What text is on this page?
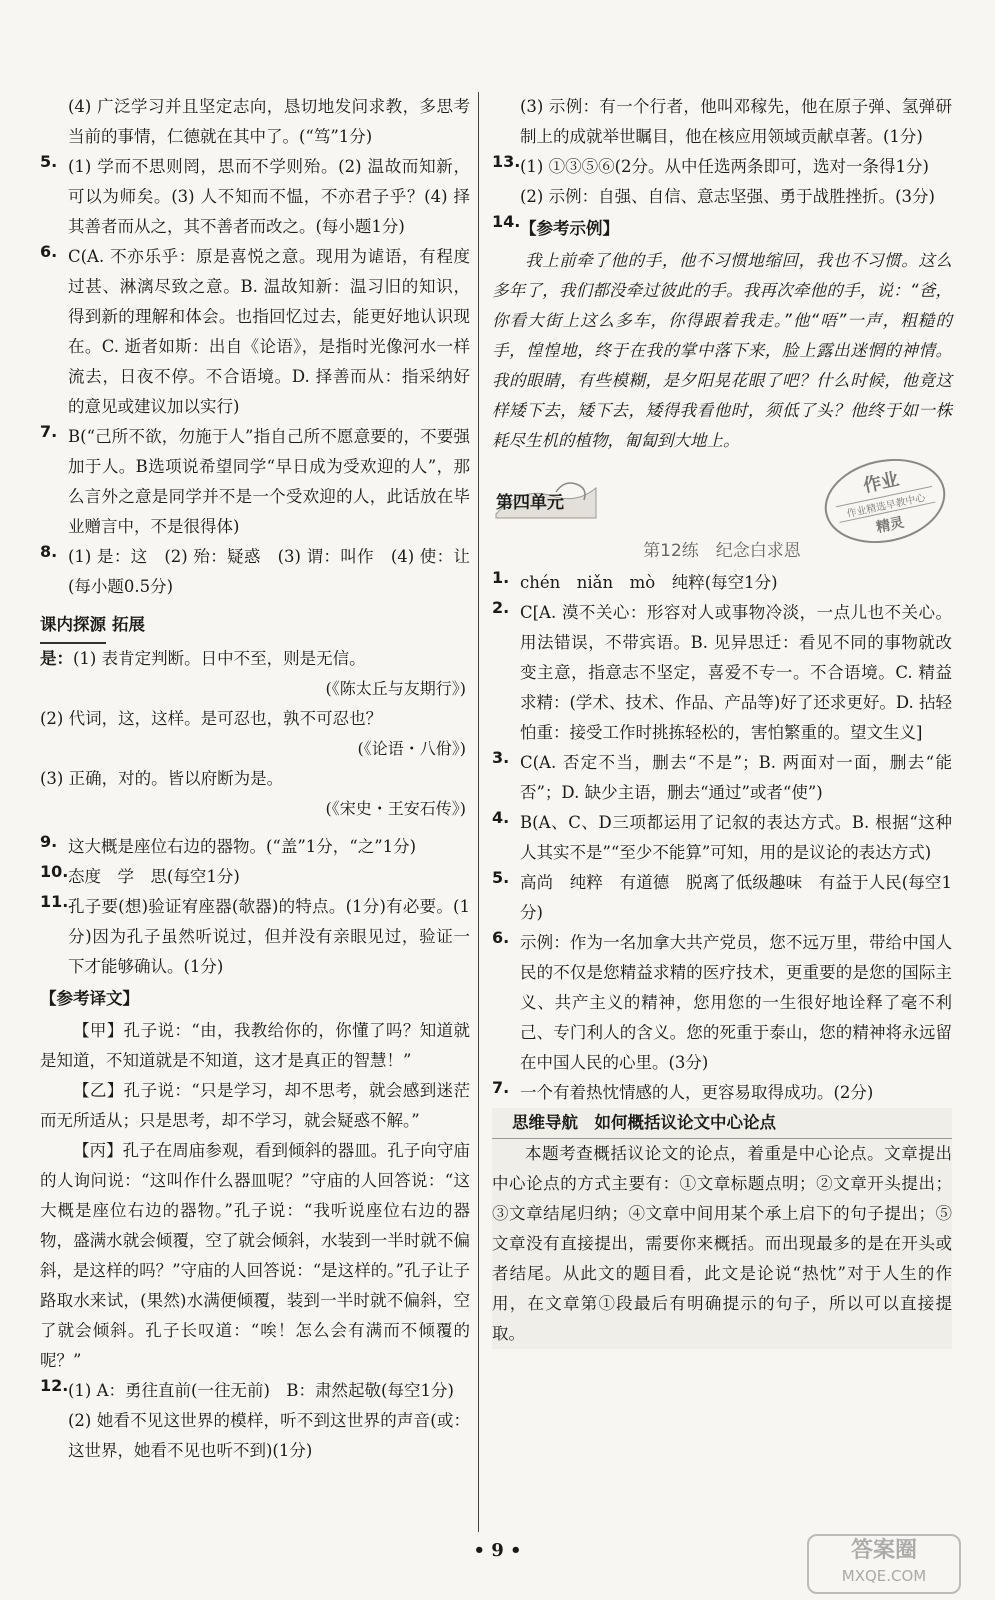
(4) 广泛学习并且坚定志向，恳切地发问求教，多思考当前的事情，仁德就在其中了。(“笃”1分)

5. (1) 学而不思则罔，思而不学则殆。(2) 温故而知新，可以为师矣。(3) 人不知而不愠，不亦君子乎？(4) 择其善者而从之，其不善者而改之。(每小题1分)

6. C(A. 不亦乐乎：原是喜悦之意。现用为谑语，有程度过甚、淋漓尽致之意。B. 温故知新：温习旧的知识，得到新的理解和体会。也指回忆过去，能更好地认识现在。C. 逝者如斯：出自《论语》，是指时光像河水一样流去，日夜不停。不合语境。D. 择善而从：指采纳好的意见或建议加以实行)

7. B(“己所不欲，勿施于人”指自己所不愿意要的，不要强加于人。B选项说希望同学“早日成为受欢迎的人”，那么言外之意是同学并不是一个受欢迎的人，此话放在毕业赠言中，不是很得体)

8. (1) 是：这　(2) 殆：疑惑　(3) 谓：叫作　(4) 使：让(每小题0.5分)

课内探源 拓展

是：(1) 表肯定判断。日中不至，则是无信。

(《陈太丘与友期行》)

(2) 代词，这，这样。是可忍也，孰不可忍也？

(《论语・八佾》)

(3) 正确，对的。皆以府断为是。

(《宋史・王安石传》)

9. 这大概是座位右边的器物。(“盖”1分，“之”1分)

10. 态度　学　思(每空1分)

11. 孔子要(想)验证宥座器(欹器)的特点。(1分)有必要。(1分)因为孔子虽然听说过，但并没有亲眼见过，验证一下才能够确认。(1分)

【参考译文】

【甲】孔子说：“由，我教给你的，你懂了吗？知道就是知道，不知道就是不知道，这才是真正的智慧！”

【乙】孔子说：“只是学习，却不思考，就会感到迷茫而无所适从；只是思考，却不学习，就会疑惑不解。”

【丙】孔子在周庙参观，看到倾斜的器皿。孔子向守庙的人询问说：“这叫作什么器皿呢？”守庙的人回答说：“这大概是座位右边的器物。”孔子说：“我听说座位右边的器物，盛满水就会倾覆，空了就会倾斜，水装到一半时就不偏斜，是这样的吗？”守庙的人回答说：“是这样的。”孔子让子路取水来试，(果然)水满便倾覆，装到一半时就不偏斜，空了就会倾斜。孔子长叹道：“唉！怎么会有满而不倾覆的呢？”

12. (1) A：勇往直前(一往无前)　B：肃然起敬(每空1分)

(2) 她看不见这世界的模样，听不到这世界的声音(或：这世界，她看不见也听不到)(1分)

(3) 示例：有一个行者，他叫邓稼先，他在原子弹、氢弹研制上的成就举世瞩目，他在核应用领域贡献卓著。(1分)

13. (1) ①③⑤⑥(2分。从中任选两条即可，选对一条得1分)

(2) 示例：自强、自信、意志坚强、勇于战胜挫折。(3分)

14. 【参考示例】

我上前牵了他的手，他不习惯地缩回，我也不习惯。这么多年了，我们都没牵过彼此的手。我再次牵他的手，说：“爸，你看大街上这么多车，你得跟着我走。”他“唔”一声，粗糙的手，惶惶地，终于在我的掌中落下来，脸上露出迷惘的神情。我的眼睛，有些模糊，是夕阳晃花眼了吧？什么时候，他竟这样矮下去，矮下去，矮得我看他时，须低了头？他终于如一株耗尽生机的植物，匍匐到大地上。

第四单元
作业
作业精选早教中心
精灵

第12练　纪念白求恩

1. chén　niǎn　mò　纯粹(每空1分)

2. C[A. 漠不关心：形容对人或事物冷淡，一点儿也不关心。用法错误，不带宾语。B. 见异思迁：看见不同的事物就改变主意，指意志不坚定，喜爱不专一。不合语境。C. 精益求精：(学术、技术、作品、产品等)好了还求更好。D. 拈轻怕重：接受工作时挑拣轻松的，害怕繁重的。望文生义]

3. C(A. 否定不当，删去“不是”；B. 两面对一面，删去“能否”；D. 缺少主语，删去“通过”或者“使”)

4. B(A、C、D三项都运用了记叙的表达方式。B. 根据“这种人其实不是”“至少不能算”可知，用的是议论的表达方式)

5. 高尚　纯粹　有道德　脱离了低级趣味　有益于人民(每空1分)

6. 示例：作为一名加拿大共产党员，您不远万里，带给中国人民的不仅是您精益求精的医疗技术，更重要的是您的国际主义、共产主义的精神，您用您的一生很好地诠释了毫不利己、专门利人的含义。您的死重于泰山，您的精神将永远留在中国人民的心里。(3分)

7. 一个有着热忱情感的人，更容易取得成功。(2分)

思维导航　如何概括议论文中心论点

本题考查概括议论文的论点，着重是中心论点。文章提出中心论点的方式主要有：①文章标题点明；②文章开头提出；③文章结尾归纳；④文章中间用某个承上启下的句子提出；⑤文章没有直接提出，需要你来概括。而出现最多的是在开头或者结尾。从此文的题目看，此文是论说“热忱”对于人生的作用，在文章第①段最后有明确提示的句子，所以可以直接提取。

• 9 •	答案圈
MXQE.COM
